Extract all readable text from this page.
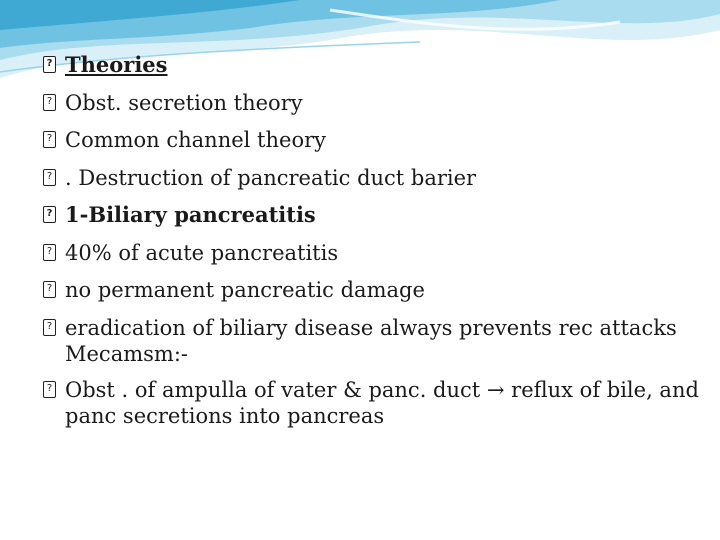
? Theories
? Obst. secretion theory
? Common channel theory
? . Destruction of pancreatic duct barier
? 1-Biliary pancreatitis
? 40% of acute pancreatitis
? no permanent pancreatic damage
? eradication of biliary disease always prevents rec attacks Mecamsm:-
? Obst . of ampulla of vater & panc. duct → reflux of bile, and panc secretions into pancreas
